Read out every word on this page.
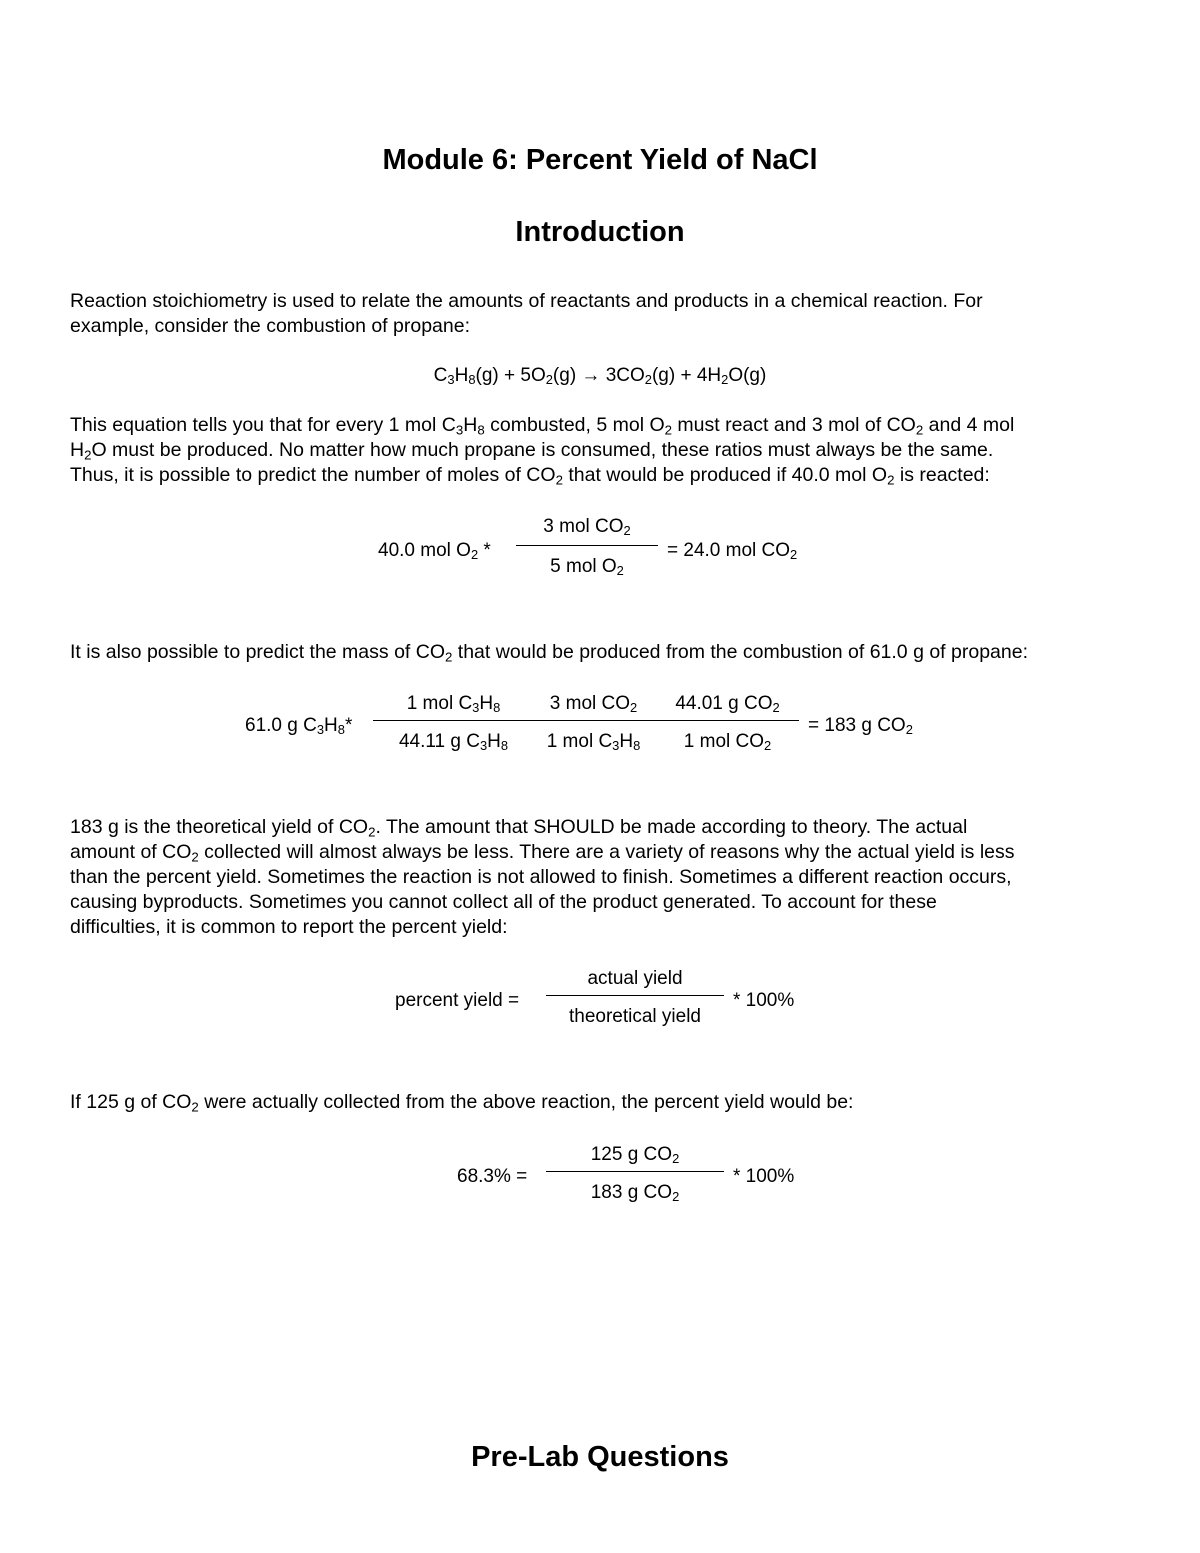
Module 6: Percent Yield of NaCl
Introduction
Reaction stoichiometry is used to relate the amounts of reactants and products in a chemical reaction. For
example, consider the combustion of propane:
$C_3H_8(g) + 5O_2(g) \to 3CO_2(g) + 4H_2O(g)$
This equation tells you that for every 1 mol $C_3H_8$ combusted, 5 mol $O_2$ must react and 3 mol of $CO_2$ and 4 mol
$H_2O$ must be produced. No matter how much propane is consumed, these ratios must always be the same.
Thus, it is possible to predict the number of moles of $CO_2$ that would be produced if 40.0 mol $O_2$ is reacted:
40.0 mol $O_2$ *
3 mol $CO_2$
5 mol $O_2$
= 24.0 mol $CO_2$
It is also possible to predict the mass of $CO_2$ that would be produced from the combustion of 61.0 g of propane:
61.0 g $C_3H_8*$
1 mol $C_3H_8$	3 mol $CO_2$	44.01 g $CO_2$
44.11 g $C_3H_8$	1 mol $C_3H_8$	1 mol $CO_2$
= 183 g $CO_2$
183 g is the theoretical yield of $CO_2$. The amount that SHOULD be made according to theory. The actual
amount of $CO_2$ collected will almost always be less. There are a variety of reasons why the actual yield is less
than the percent yield. Sometimes the reaction is not allowed to finish. Sometimes a different reaction occurs,
causing byproducts. Sometimes you cannot collect all of the product generated. To account for these
difficulties, it is common to report the percent yield:
percent yield =
actual yield
theoretical yield
* 100%
If 125 g of $CO_2$ were actually collected from the above reaction, the percent yield would be:
68.3% =
125 g $CO_2$
183 g $CO_2$
* 100%
Pre-Lab Questions
